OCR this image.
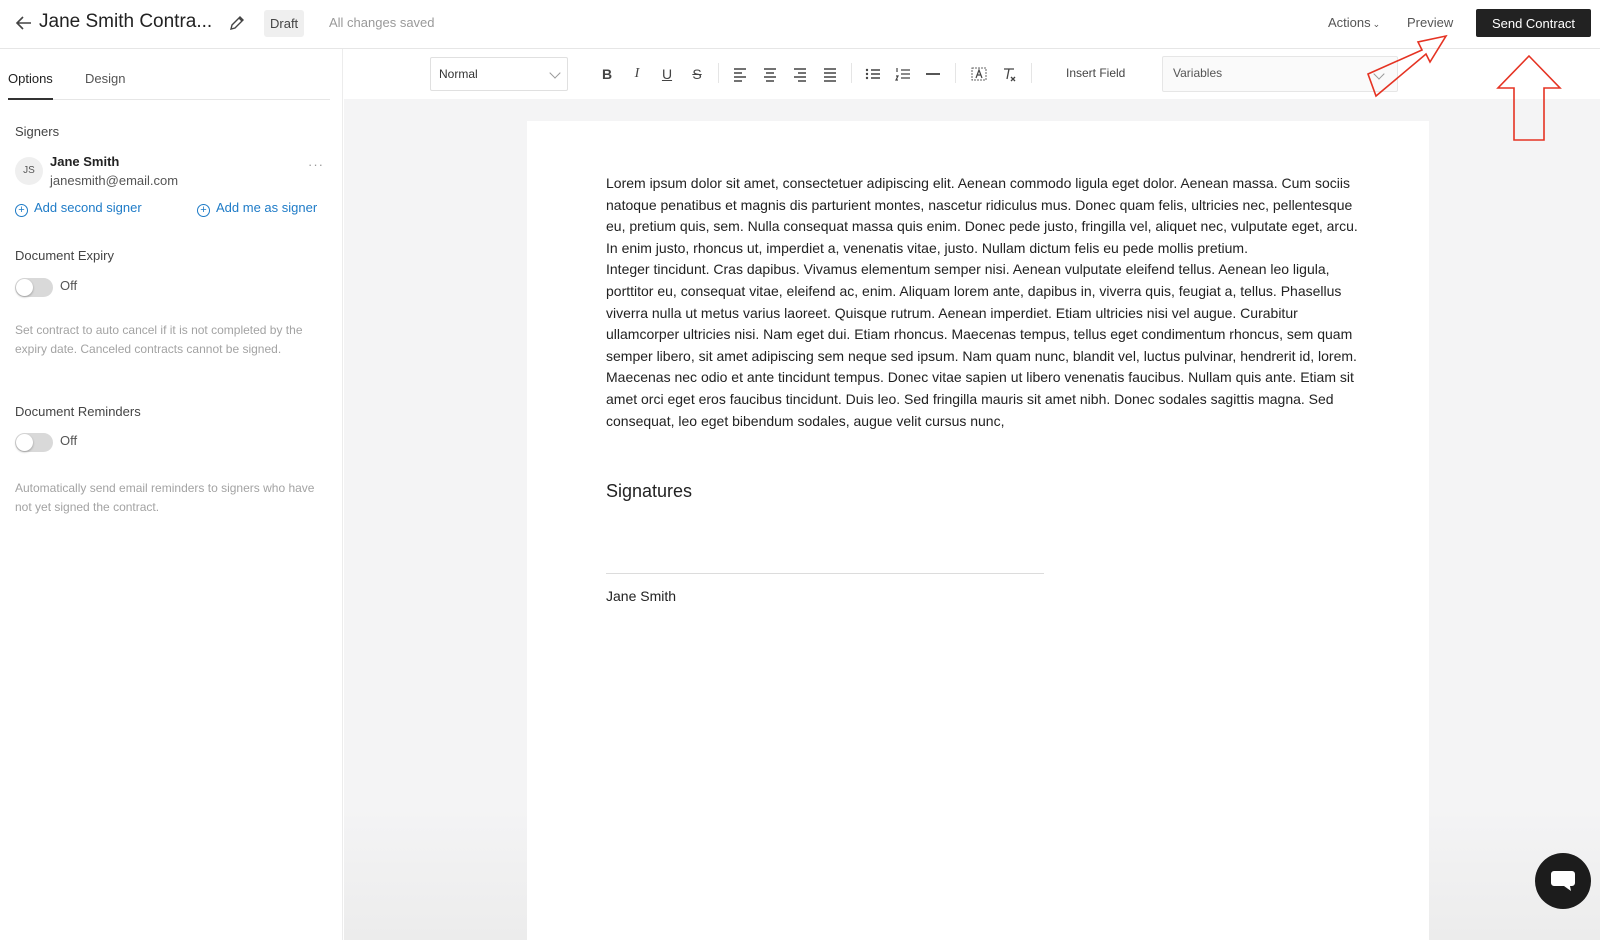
Jane Smith Contra...	Draft	All changes saved	Actions ⌄ Preview	Send Contract
Options Design
Signers
JS
Jane Smith
janesmith@email.com
···
+ Add second signer	+ Add me as signer
Document Expiry
Off
Set contract to auto cancel if it is not completed by the expiry date. Canceled contracts cannot be signed.
Document Reminders
Off
Automatically send email reminders to signers who have not yet signed the contract.
Normal	B	I	U	S	Insert Field	Variables

Lorem ipsum dolor sit amet, consectetuer adipiscing elit. Aenean commodo ligula eget dolor. Aenean massa. Cum sociis natoque penatibus et magnis dis parturient montes, nascetur ridiculus mus. Donec quam felis, ultricies nec, pellentesque eu, pretium quis, sem. Nulla consequat massa quis enim. Donec pede justo, fringilla vel, aliquet nec, vulputate eget, arcu. In enim justo, rhoncus ut, imperdiet a, venenatis vitae, justo. Nullam dictum felis eu pede mollis pretium.

Integer tincidunt. Cras dapibus. Vivamus elementum semper nisi. Aenean vulputate eleifend tellus. Aenean leo ligula, porttitor eu, consequat vitae, eleifend ac, enim. Aliquam lorem ante, dapibus in, viverra quis, feugiat a, tellus. Phasellus viverra nulla ut metus varius laoreet. Quisque rutrum. Aenean imperdiet. Etiam ultricies nisi vel augue. Curabitur ullamcorper ultricies nisi. Nam eget dui. Etiam rhoncus. Maecenas tempus, tellus eget condimentum rhoncus, sem quam semper libero, sit amet adipiscing sem neque sed ipsum. Nam quam nunc, blandit vel, luctus pulvinar, hendrerit id, lorem. Maecenas nec odio et ante tincidunt tempus. Donec vitae sapien ut libero venenatis faucibus. Nullam quis ante. Etiam sit amet orci eget eros faucibus tincidunt. Duis leo. Sed fringilla mauris sit amet nibh. Donec sodales sagittis magna. Sed consequat, leo eget bibendum sodales, augue velit cursus nunc,

Signatures
Jane Smith
